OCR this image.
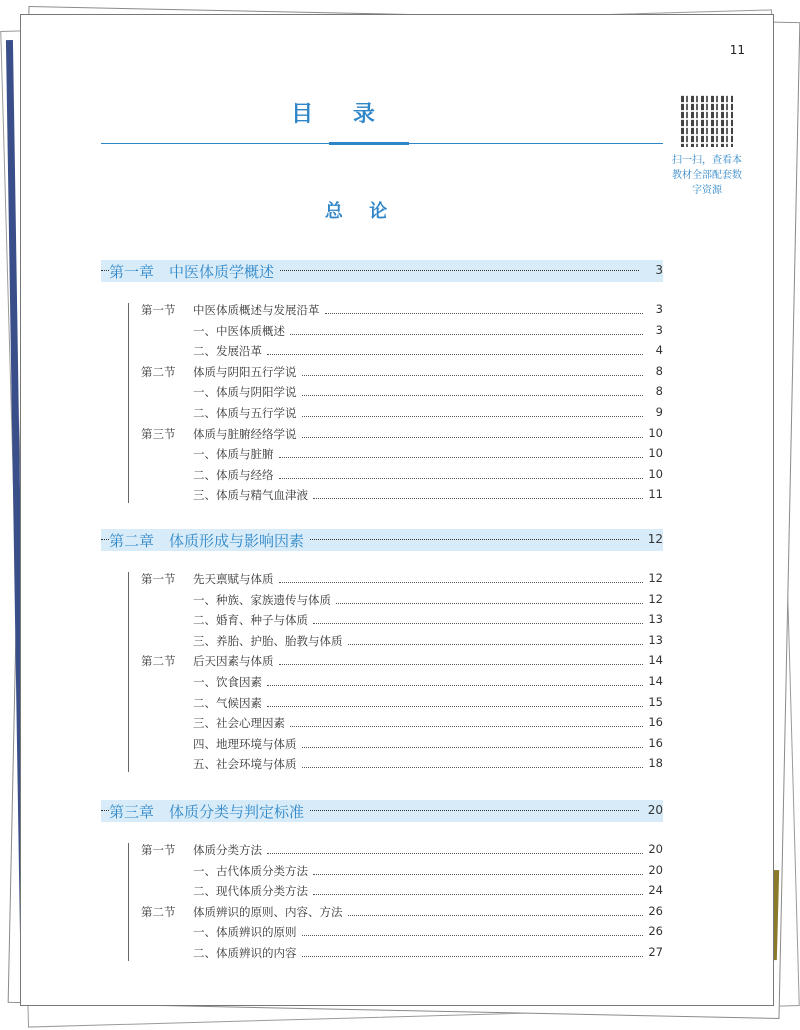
11
目 录
总 论
扫一扫，查看本教材全部配套数字资源
第一章　中医体质学概述	3
第一节	中医体质概述与发展沿革	3
一、中医体质概述	3
二、发展沿革	4
第二节	体质与阴阳五行学说	8
一、体质与阴阳学说	8
二、体质与五行学说	9
第三节	体质与脏腑经络学说	10
一、体质与脏腑	10
二、体质与经络	10
三、体质与精气血津液	11
第二章　体质形成与影响因素	12
第一节	先天禀赋与体质	12
一、种族、家族遗传与体质	12
二、婚育、种子与体质	13
三、养胎、护胎、胎教与体质	13
第二节	后天因素与体质	14
一、饮食因素	14
二、气候因素	15
三、社会心理因素	16
四、地理环境与体质	16
五、社会环境与体质	18
第三章　体质分类与判定标准	20
第一节	体质分类方法	20
一、古代体质分类方法	20
二、现代体质分类方法	24
第二节	体质辨识的原则、内容、方法	26
一、体质辨识的原则	26
二、体质辨识的内容	27
